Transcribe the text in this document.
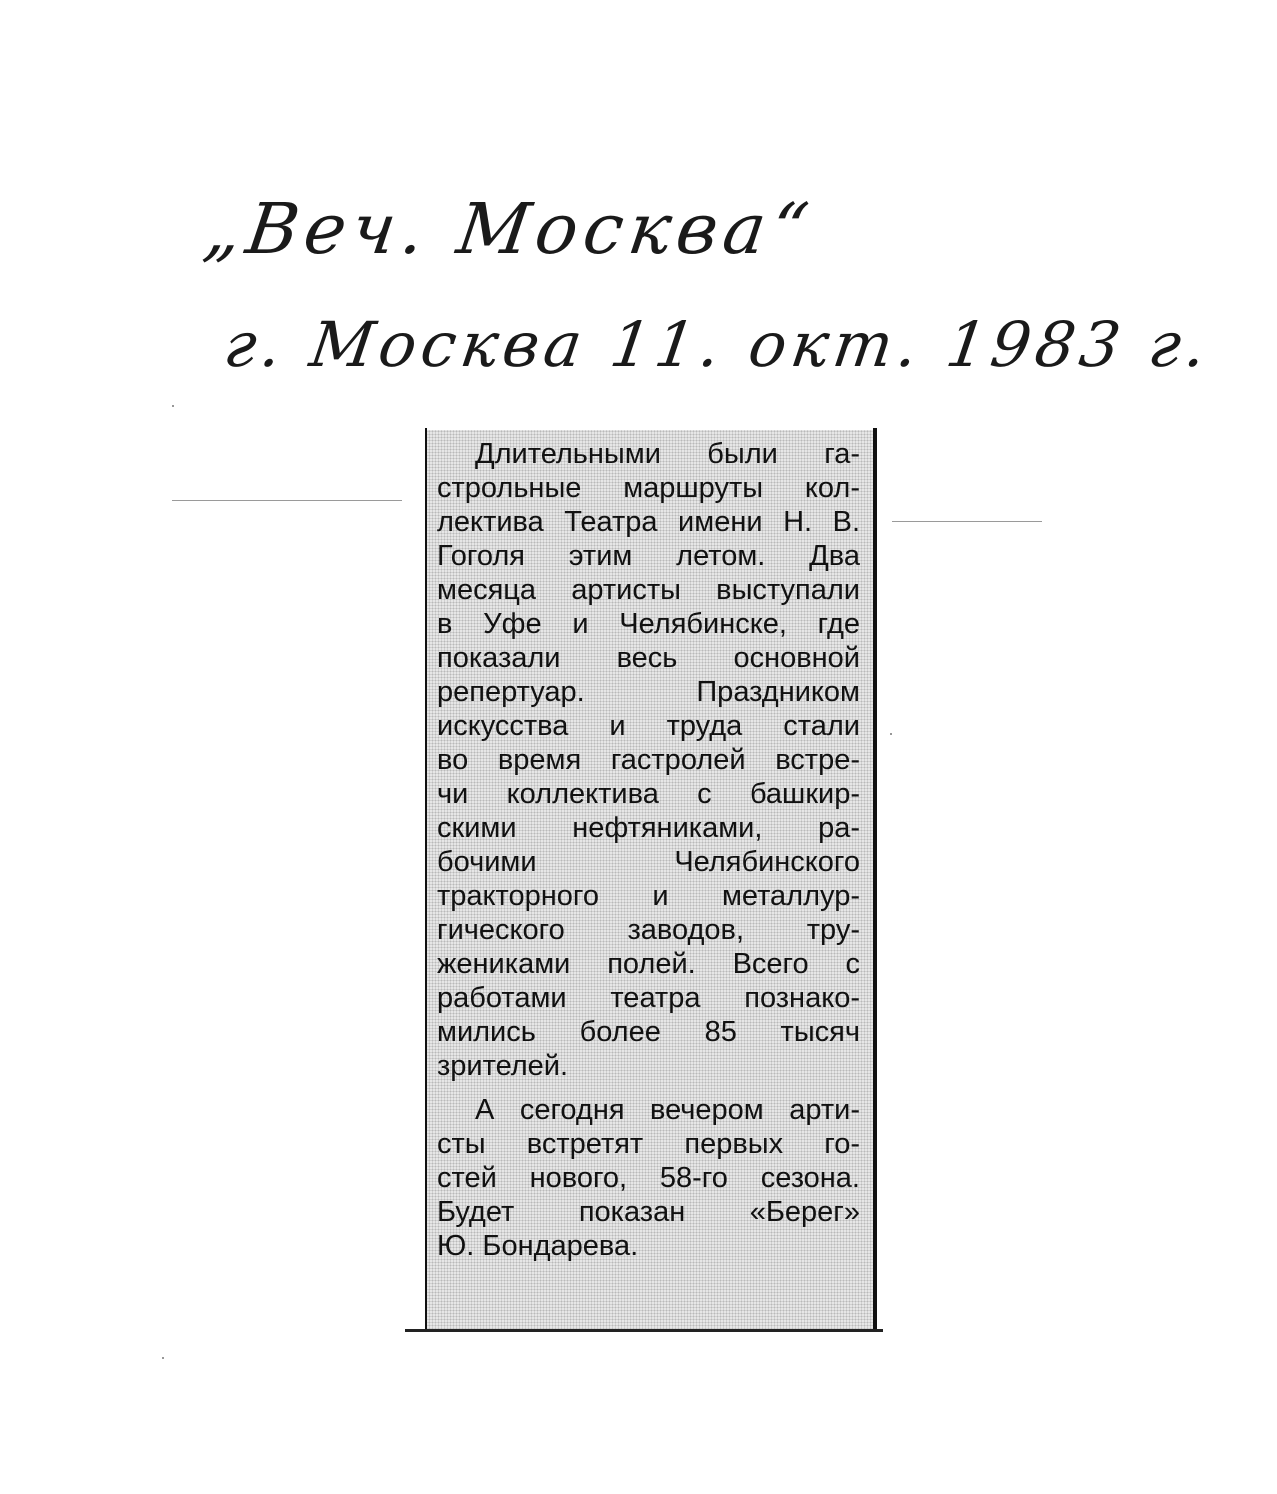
„Веч. Москва“
г. Москва 11. окт. 1983 г.
Длительными были га-
строльные маршруты кол-
лектива Театра имени Н. В.
Гоголя этим летом. Два
месяца артисты выступали
в Уфе и Челябинске, где
показали весь основной
репертуар. Праздником
искусства и труда стали
во время гастролей встре-
чи коллектива с башкир-
скими нефтяниками, ра-
бочими Челябинского
тракторного и металлур-
гического заводов, тру-
жениками полей. Всего с
работами театра познако-
мились более 85 тысяч
зрителей.
А сегодня вечером арти-
сты встретят первых го-
стей нового, 58-го сезона.
Будет показан «Берег»
Ю. Бондарева.
